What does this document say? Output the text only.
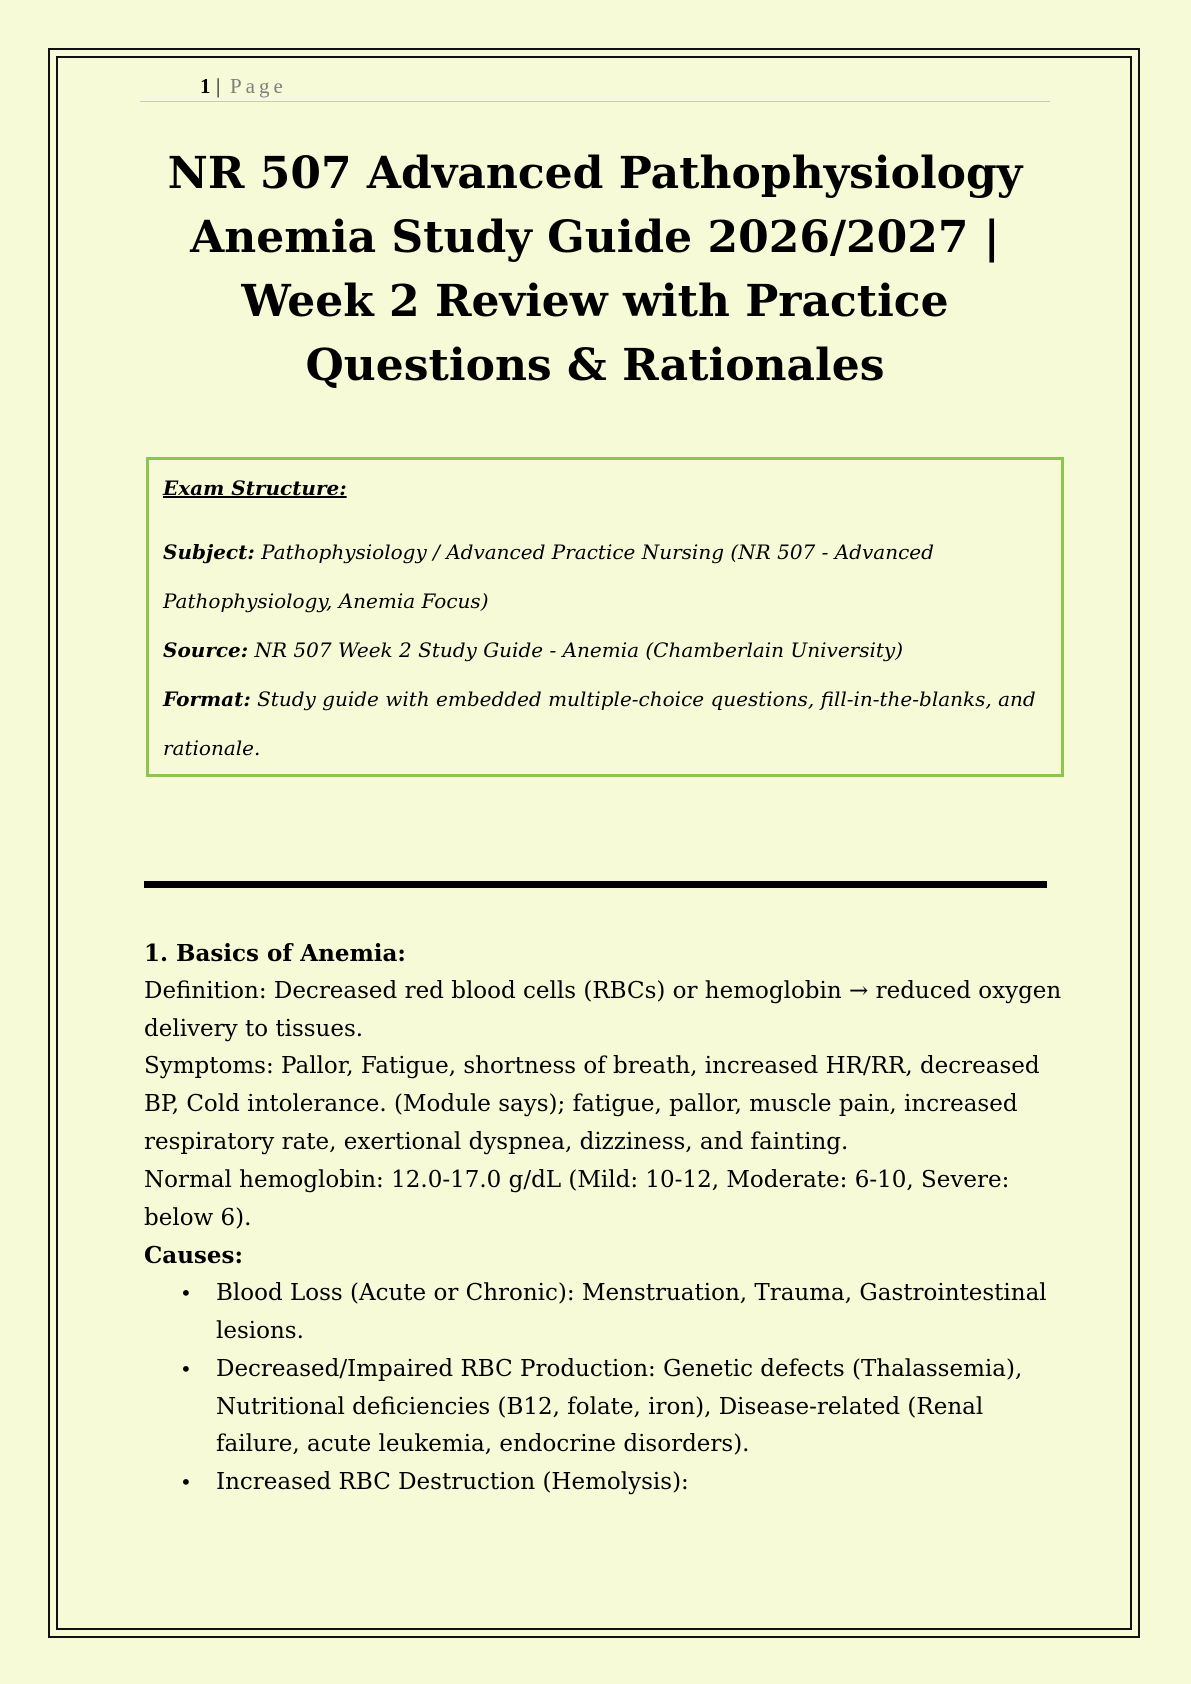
1 | Page
NR 507 Advanced Pathophysiology Anemia Study Guide 2026/2027 | Week 2 Review with Practice Questions & Rationales
Exam Structure:

Subject: Pathophysiology / Advanced Practice Nursing (NR 507 - Advanced Pathophysiology, Anemia Focus)

Source: NR 507 Week 2 Study Guide - Anemia (Chamberlain University)

Format: Study guide with embedded multiple-choice questions, fill-in-the-blanks, and rationale.

1. Basics of Anemia:

Definition: Decreased red blood cells (RBCs) or hemoglobin → reduced oxygen delivery to tissues.

Symptoms: Pallor, Fatigue, shortness of breath, increased HR/RR, decreased BP, Cold intolerance. (Module says); fatigue, pallor, muscle pain, increased respiratory rate, exertional dyspnea, dizziness, and fainting.

Normal hemoglobin: 12.0-17.0 g/dL (Mild: 10-12, Moderate: 6-10, Severe: below 6).

Causes:

• Blood Loss (Acute or Chronic): Menstruation, Trauma, Gastrointestinal lesions.
• Decreased/Impaired RBC Production: Genetic defects (Thalassemia), Nutritional deficiencies (B12, folate, iron), Disease-related (Renal failure, acute leukemia, endocrine disorders).
• Increased RBC Destruction (Hemolysis):
